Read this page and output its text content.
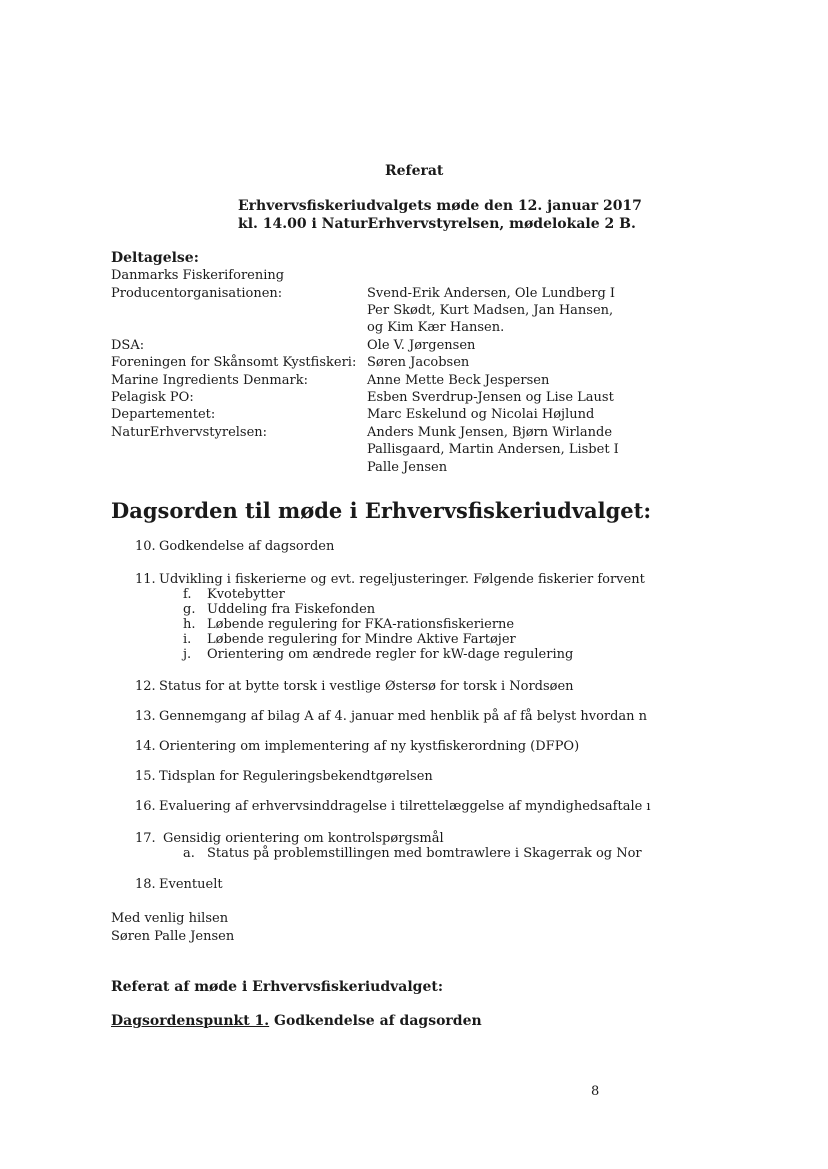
Referat
Erhvervsfiskeriudvalgets møde den 12. januar 2017
kl. 14.00 i NaturErhvervstyrelsen, mødelokale 2 B.
Deltagelse:
Danmarks Fiskeriforening
Producentorganisationen:
DSA:
Foreningen for Skånsomt Kystfiskeri:
Marine Ingredients Denmark:
Pelagisk PO:
Departementet:
NaturErhvervstyrelsen:
Svend-Erik Andersen, Ole Lundberg I
Per Skødt, Kurt Madsen, Jan Hansen,
og Kim Kær Hansen.
Ole V. Jørgensen
Søren Jacobsen
Anne Mette Beck Jespersen
Esben Sverdrup-Jensen og Lise Laust
Marc Eskelund og Nicolai Højlund
Anders Munk Jensen, Bjørn Wirlande
Pallisgaard, Martin Andersen, Lisbet I
Palle Jensen
Dagsorden til møde i Erhvervsfiskeriudvalget:
10. Godkendelse af dagsorden
11. Udvikling i fiskerierne og evt. regeljusteringer. Følgende fiskerier forvent
f. Kvotebytter
g. Uddeling fra Fiskefonden
h. Løbende regulering for FKA-rationsfiskerierne
i. Løbende regulering for Mindre Aktive Fartøjer
j. Orientering om ændrede regler for kW-dage regulering
12. Status for at bytte torsk i vestlige Østersø for torsk i Nordsøen
13. Gennemgang af bilag A af 4. januar med henblik på af få belyst hvordan n
14. Orientering om implementering af ny kystfiskerordning (DFPO)
15. Tidsplan for Reguleringsbekendtgørelsen
16. Evaluering af erhvervsinddragelse i tilrettelæggelse af myndighedsaftale ı
17. Gensidig orientering om kontrolspørgsmål
a. Status på problemstillingen med bomtrawlere i Skagerrak og Nor
18. Eventuelt
Med venlig hilsen
Søren Palle Jensen
Referat af møde i Erhvervsfiskeriudvalget:
Dagsordenspunkt 1. Godkendelse af dagsorden
8
